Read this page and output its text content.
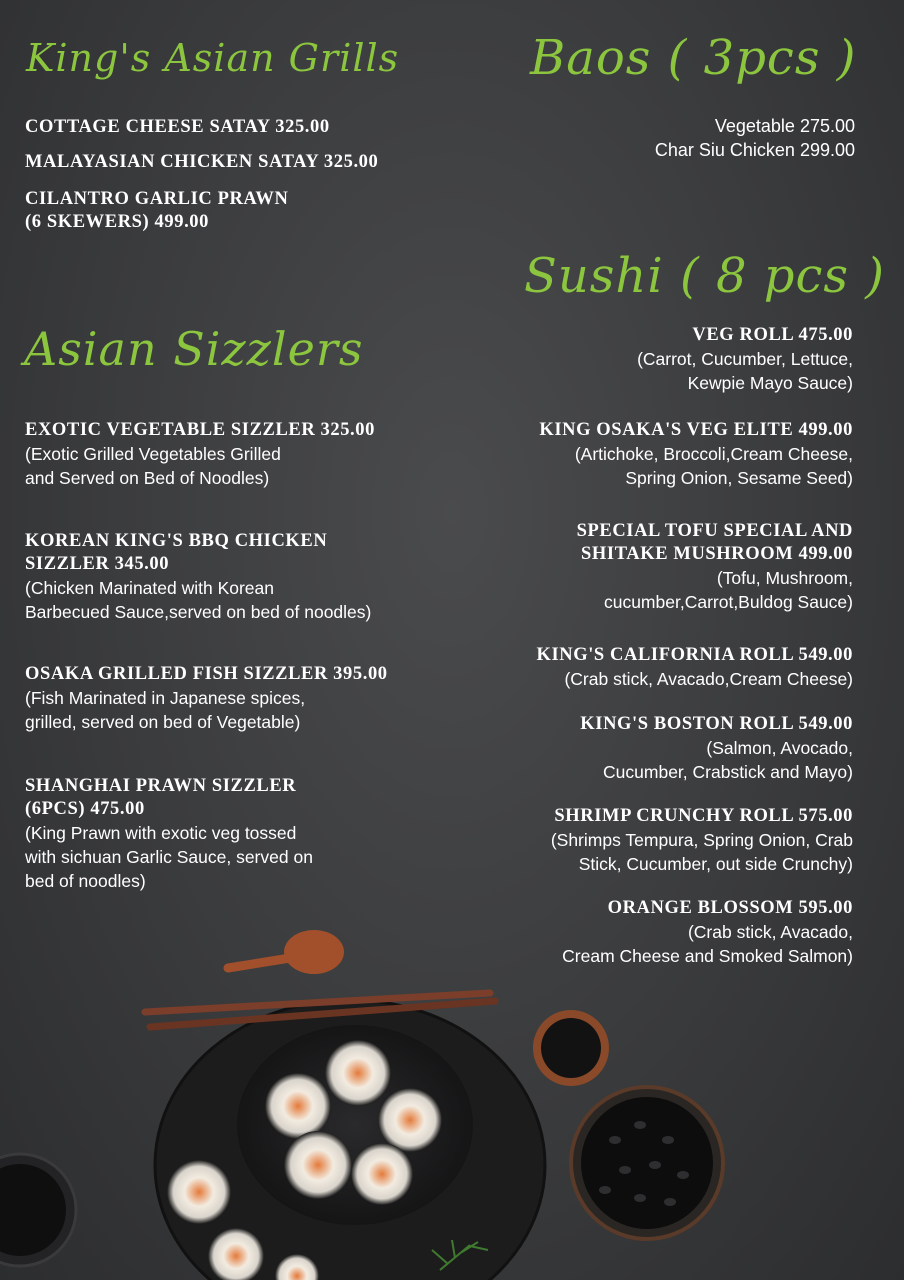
King's Asian Grills	Baos ( 3pcs )
Sushi ( 8 pcs )
Asian Sizzlers
COTTAGE CHEESE SATAY 325.00
MALAYASIAN CHICKEN SATAY 325.00
CILANTRO GARLIC PRAWN
(6 SKEWERS) 499.00
Vegetable 275.00
Char Siu Chicken 299.00
EXOTIC VEGETABLE SIZZLER 325.00
(Exotic Grilled Vegetables Grilled
and Served on Bed of Noodles)
KOREAN KING'S BBQ CHICKEN
SIZZLER 345.00
(Chicken Marinated with Korean
Barbecued Sauce,served on bed of noodles)
OSAKA GRILLED FISH SIZZLER 395.00
(Fish Marinated in Japanese spices,
grilled, served on bed of Vegetable)
SHANGHAI PRAWN SIZZLER
(6PCS) 475.00
(King Prawn with exotic veg tossed
with sichuan Garlic Sauce, served on
bed of noodles)
VEG ROLL 475.00
(Carrot, Cucumber, Lettuce,
Kewpie Mayo Sauce)
KING OSAKA'S VEG ELITE 499.00
(Artichoke, Broccoli,Cream Cheese,
Spring Onion, Sesame Seed)
SPECIAL TOFU SPECIAL AND
SHITAKE MUSHROOM 499.00
(Tofu, Mushroom,
cucumber,Carrot,Buldog Sauce)
KING'S CALIFORNIA ROLL 549.00
(Crab stick, Avacado,Cream Cheese)
KING'S BOSTON ROLL 549.00
(Salmon, Avocado,
Cucumber, Crabstick and Mayo)
SHRIMP CRUNCHY ROLL 575.00
(Shrimps Tempura, Spring Onion, Crab
Stick, Cucumber, out side Crunchy)
ORANGE BLOSSOM 595.00
(Crab stick, Avacado,
Cream Cheese and Smoked Salmon)
